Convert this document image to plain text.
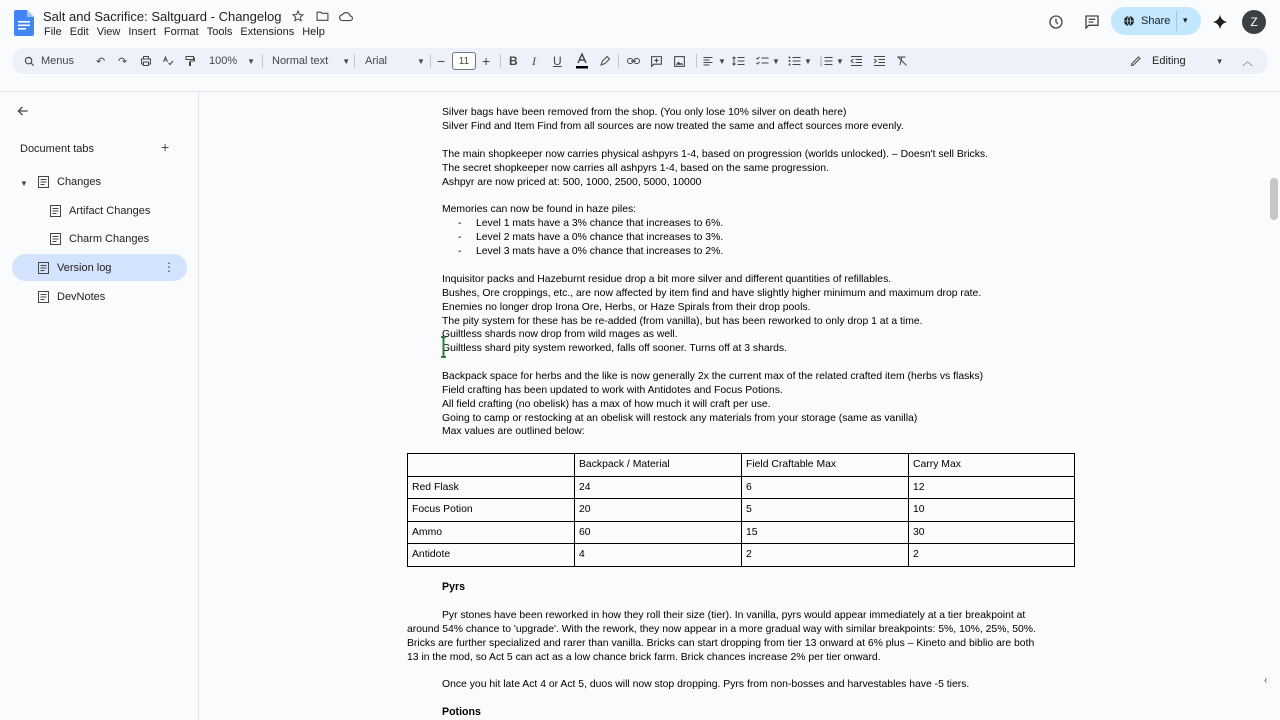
Salt and Sacrifice: Saltguard - Changelog
File Edit View Insert Format Tools Extensions Help
Share ▾	Z
Menus ↶ ↷	100% ▼ Normal text ▼ Arial	▼ −	11 + B I U	▼	▼	▼ 1
2
3 ▼	Editing	▼ ︿
Document tabs	+
▼	Changes
Artifact Changes
Charm Changes
Version log	⋮
DevNotes
Silver bags have been removed from the shop. (You only lose 10% silver on death here)
Silver Find and Item Find from all sources are now treated the same and affect sources more evenly.
The main shopkeeper now carries physical ashpyrs 1-4, based on progression (worlds unlocked). – Doesn't sell Bricks.
The secret shopkeeper now carries all ashpyrs 1-4, based on the same progression.
Ashpyr are now priced at: 500, 1000, 2500, 5000, 10000
Memories can now be found in haze piles:
- Level 1 mats have a 3% chance that increases to 6%.
- Level 2 mats have a 0% chance that increases to 3%.
- Level 3 mats have a 0% chance that increases to 2%.
Inquisitor packs and Hazeburnt residue drop a bit more silver and different quantities of refillables.
Bushes, Ore croppings, etc., are now affected by item find and have slightly higher minimum and maximum drop rate.
Enemies no longer drop Irona Ore, Herbs, or Haze Spirals from their drop pools.
The pity system for these has be re-added (from vanilla), but has been reworked to only drop 1 at a time.
Guiltless shards now drop from wild mages as well.
Guiltless shard pity system reworked, falls off sooner. Turns off at 3 shards.
Backpack space for herbs and the like is now generally 2x the current max of the related crafted item (herbs vs flasks)
Field crafting has been updated to work with Antidotes and Focus Potions.
All field crafting (no obelisk) has a max of how much it will craft per use.
Going to camp or restocking at an obelisk will restock any materials from your storage (same as vanilla)
Max values are outlined below:
	Backpack / Material	Field Craftable Max	Carry Max
Red Flask	24	6	12
Focus Potion	20	5	10
Ammo	60	15	30
Antidote	4	2	2
Pyrs
Pyr stones have been reworked in how they roll their size (tier). In vanilla, pyrs would appear immediately at a tier breakpoint at around 54% chance to 'upgrade'. With the rework, they now appear in a more gradual way with similar breakpoints: 5%, 10%, 25%, 50%. Bricks are further specialized and rarer than vanilla. Bricks can start dropping from tier 13 onward at 6% plus – Kineto and biblio are both 13 in the mod, so Act 5 can act as a low chance brick farm. Brick chances increase 2% per tier onward.
Once you hit late Act 4 or Act 5, duos will now stop dropping. Pyrs from non-bosses and harvestables have -5 tiers.
Potions
‹
